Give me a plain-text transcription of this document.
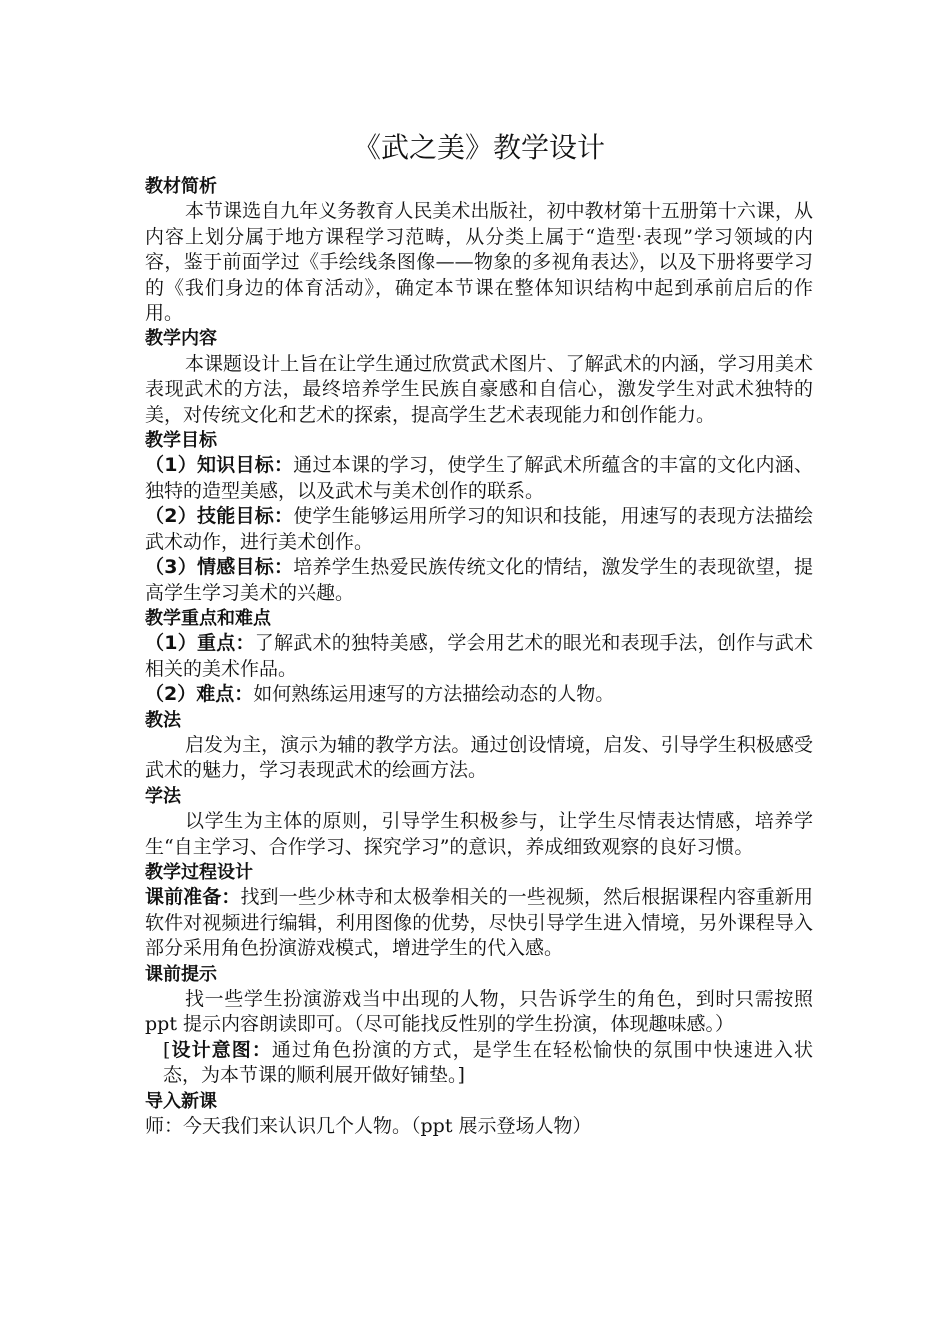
《武之美》教学设计
教材简析

本节课选自九年义务教育人民美术出版社，初中教材第十五册第十六课，从内容上划分属于地方课程学习范畴，从分类上属于“造型·表现”学习领域的内容，鉴于前面学过《手绘线条图像——物象的多视角表达》，以及下册将要学习的《我们身边的体育活动》，确定本节课在整体知识结构中起到承前启后的作用。

教学内容

本课题设计上旨在让学生通过欣赏武术图片、了解武术的内涵，学习用美术表现武术的方法，最终培养学生民族自豪感和自信心，激发学生对武术独特的美，对传统文化和艺术的探索，提高学生艺术表现能力和创作能力。

教学目标

（1）知识目标：通过本课的学习，使学生了解武术所蕴含的丰富的文化内涵、独特的造型美感，以及武术与美术创作的联系。

（2）技能目标：使学生能够运用所学习的知识和技能，用速写的表现方法描绘武术动作，进行美术创作。

（3）情感目标：培养学生热爱民族传统文化的情结，激发学生的表现欲望，提高学生学习美术的兴趣。

教学重点和难点

（1）重点：了解武术的独特美感，学会用艺术的眼光和表现手法，创作与武术相关的美术作品。

（2）难点：如何熟练运用速写的方法描绘动态的人物。

教法

启发为主，演示为辅的教学方法。通过创设情境，启发、引导学生积极感受武术的魅力，学习表现武术的绘画方法。

学法

以学生为主体的原则，引导学生积极参与，让学生尽情表达情感，培养学生“自主学习、合作学习、探究学习”的意识，养成细致观察的良好习惯。

教学过程设计

课前准备：找到一些少林寺和太极拳相关的一些视频，然后根据课程内容重新用软件对视频进行编辑，利用图像的优势，尽快引导学生进入情境，另外课程导入部分采用角色扮演游戏模式，增进学生的代入感。

课前提示

找一些学生扮演游戏当中出现的人物，只告诉学生的角色，到时只需按照 ppt 提示内容朗读即可。（尽可能找反性别的学生扮演，体现趣味感。）

[设计意图：通过角色扮演的方式，是学生在轻松愉快的氛围中快速进入状态，为本节课的顺利展开做好铺垫。]

导入新课

师：今天我们来认识几个人物。（ppt 展示登场人物）
